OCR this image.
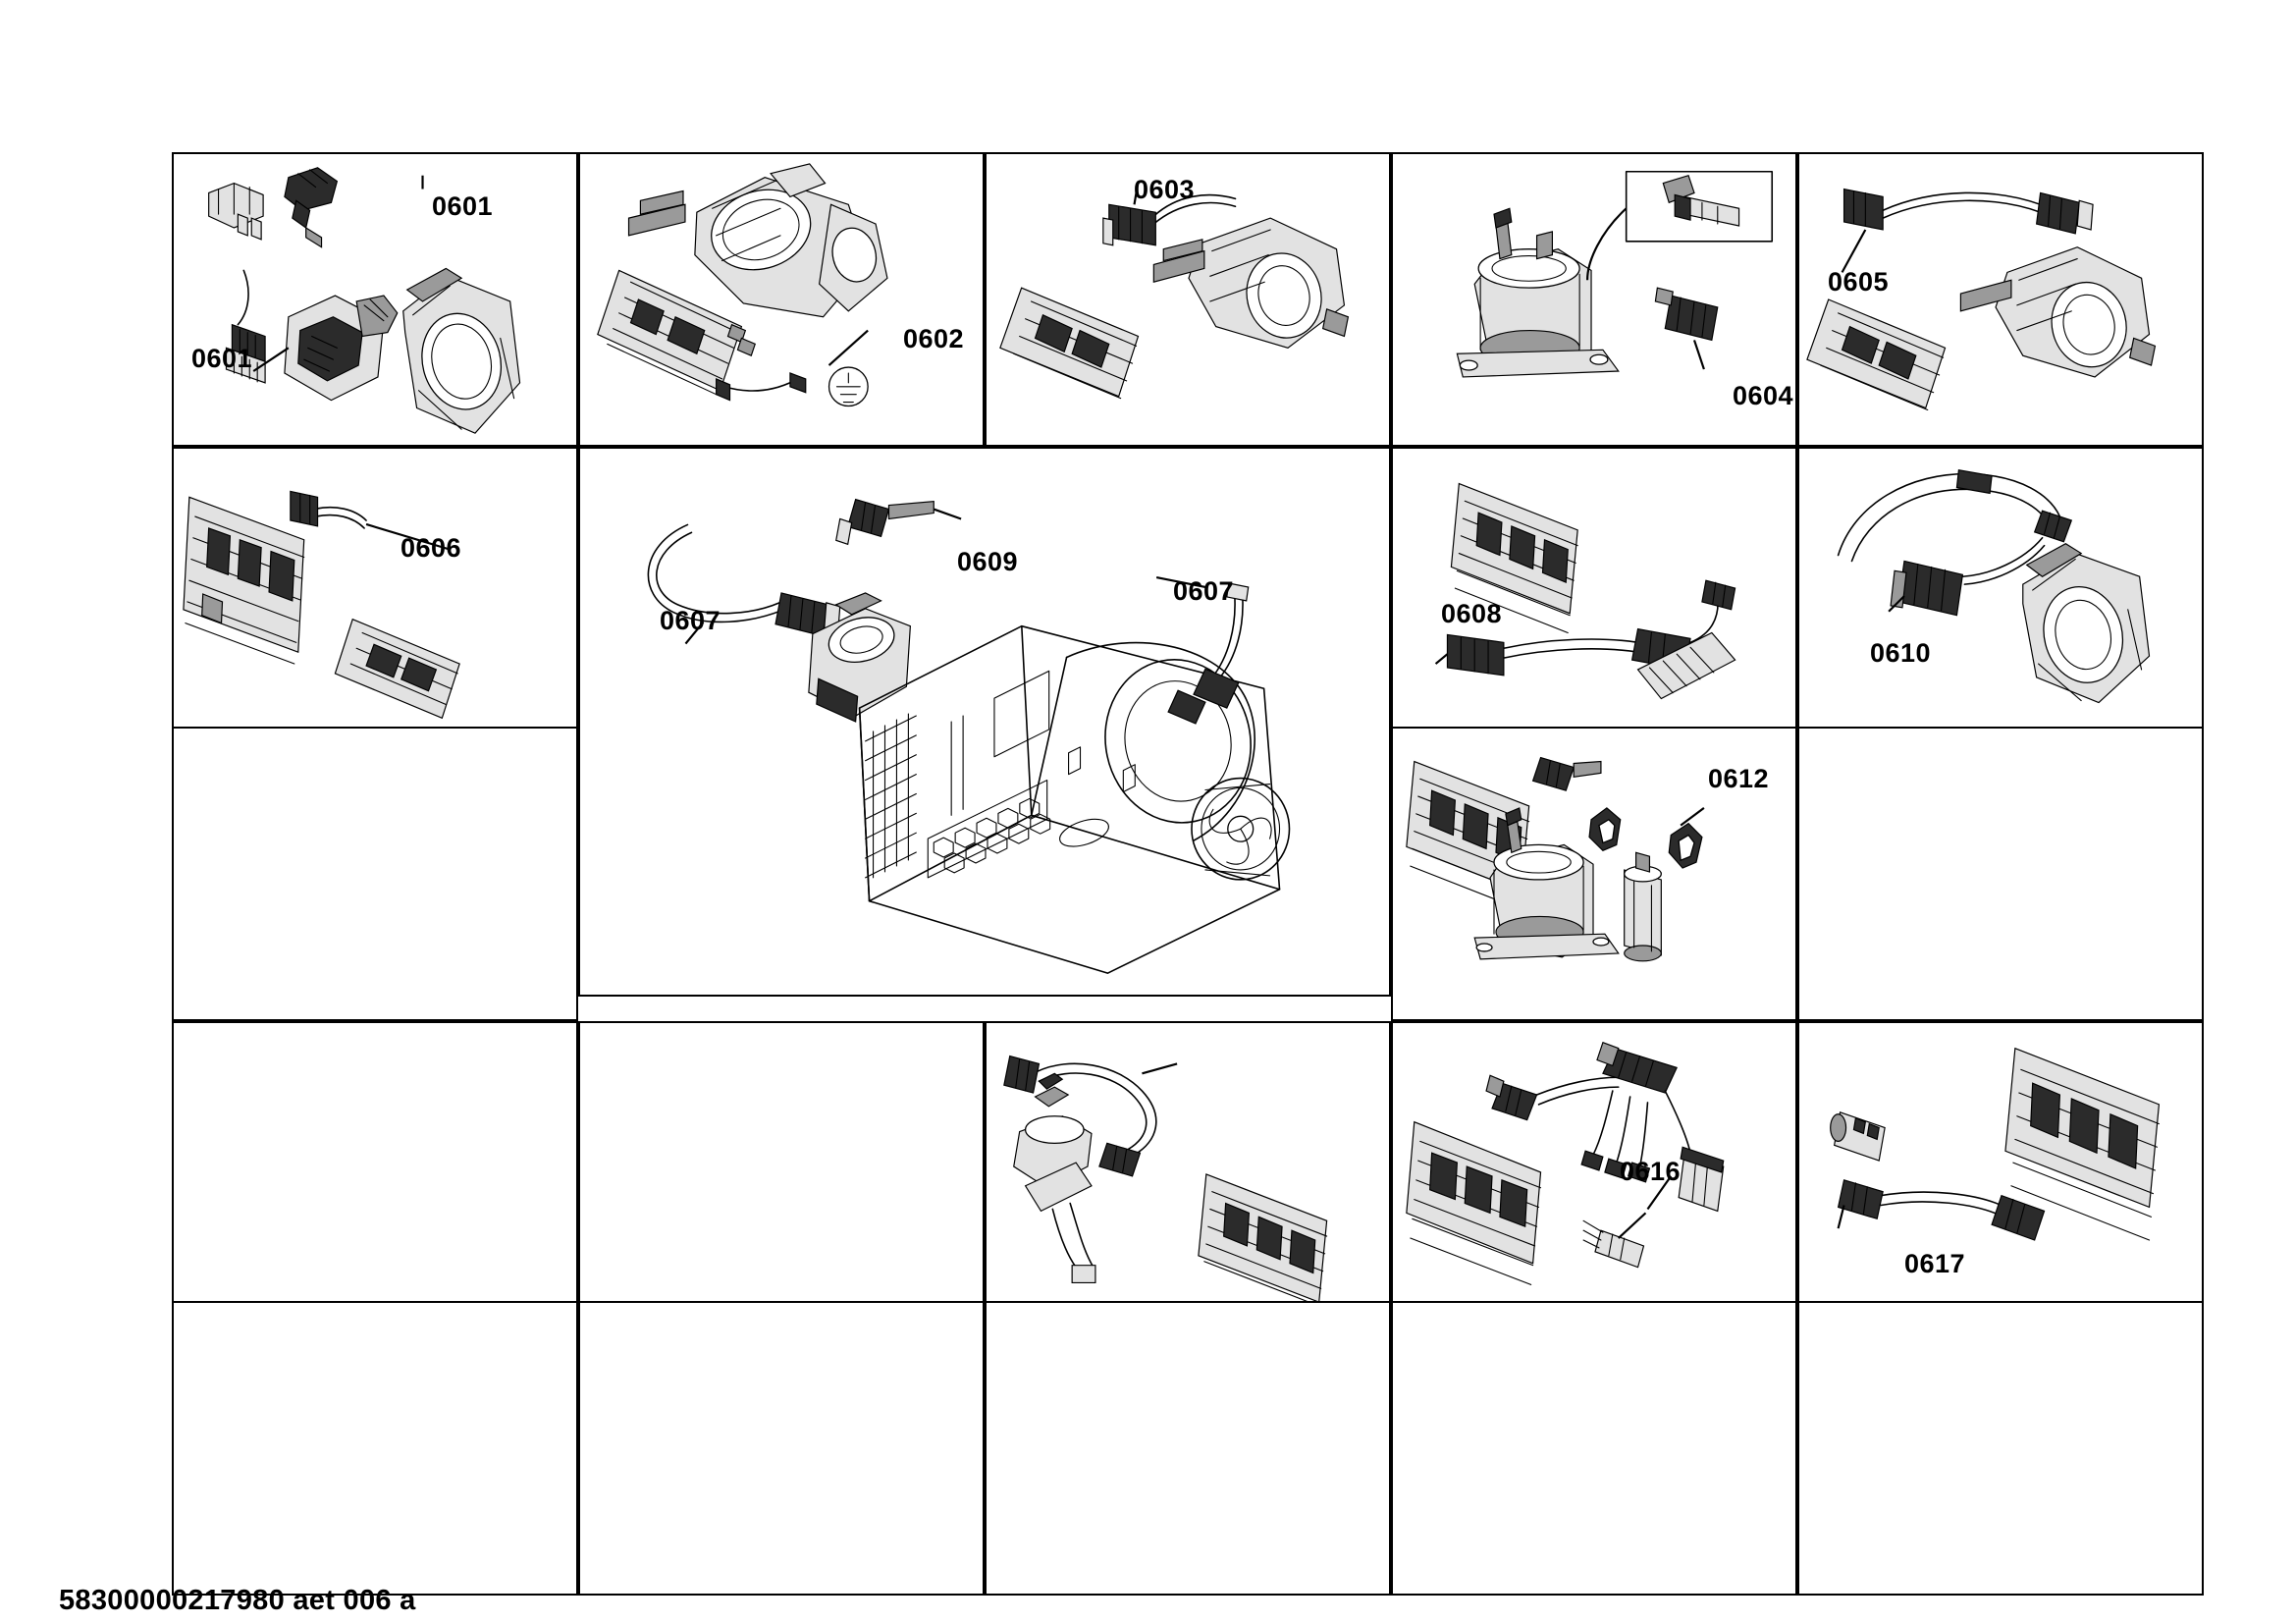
0601
0601
0602
0603
0604
0605
0606	0609
0607
0607
0608
0610
0612
0616
0617
58300000217980 aet 006 a
